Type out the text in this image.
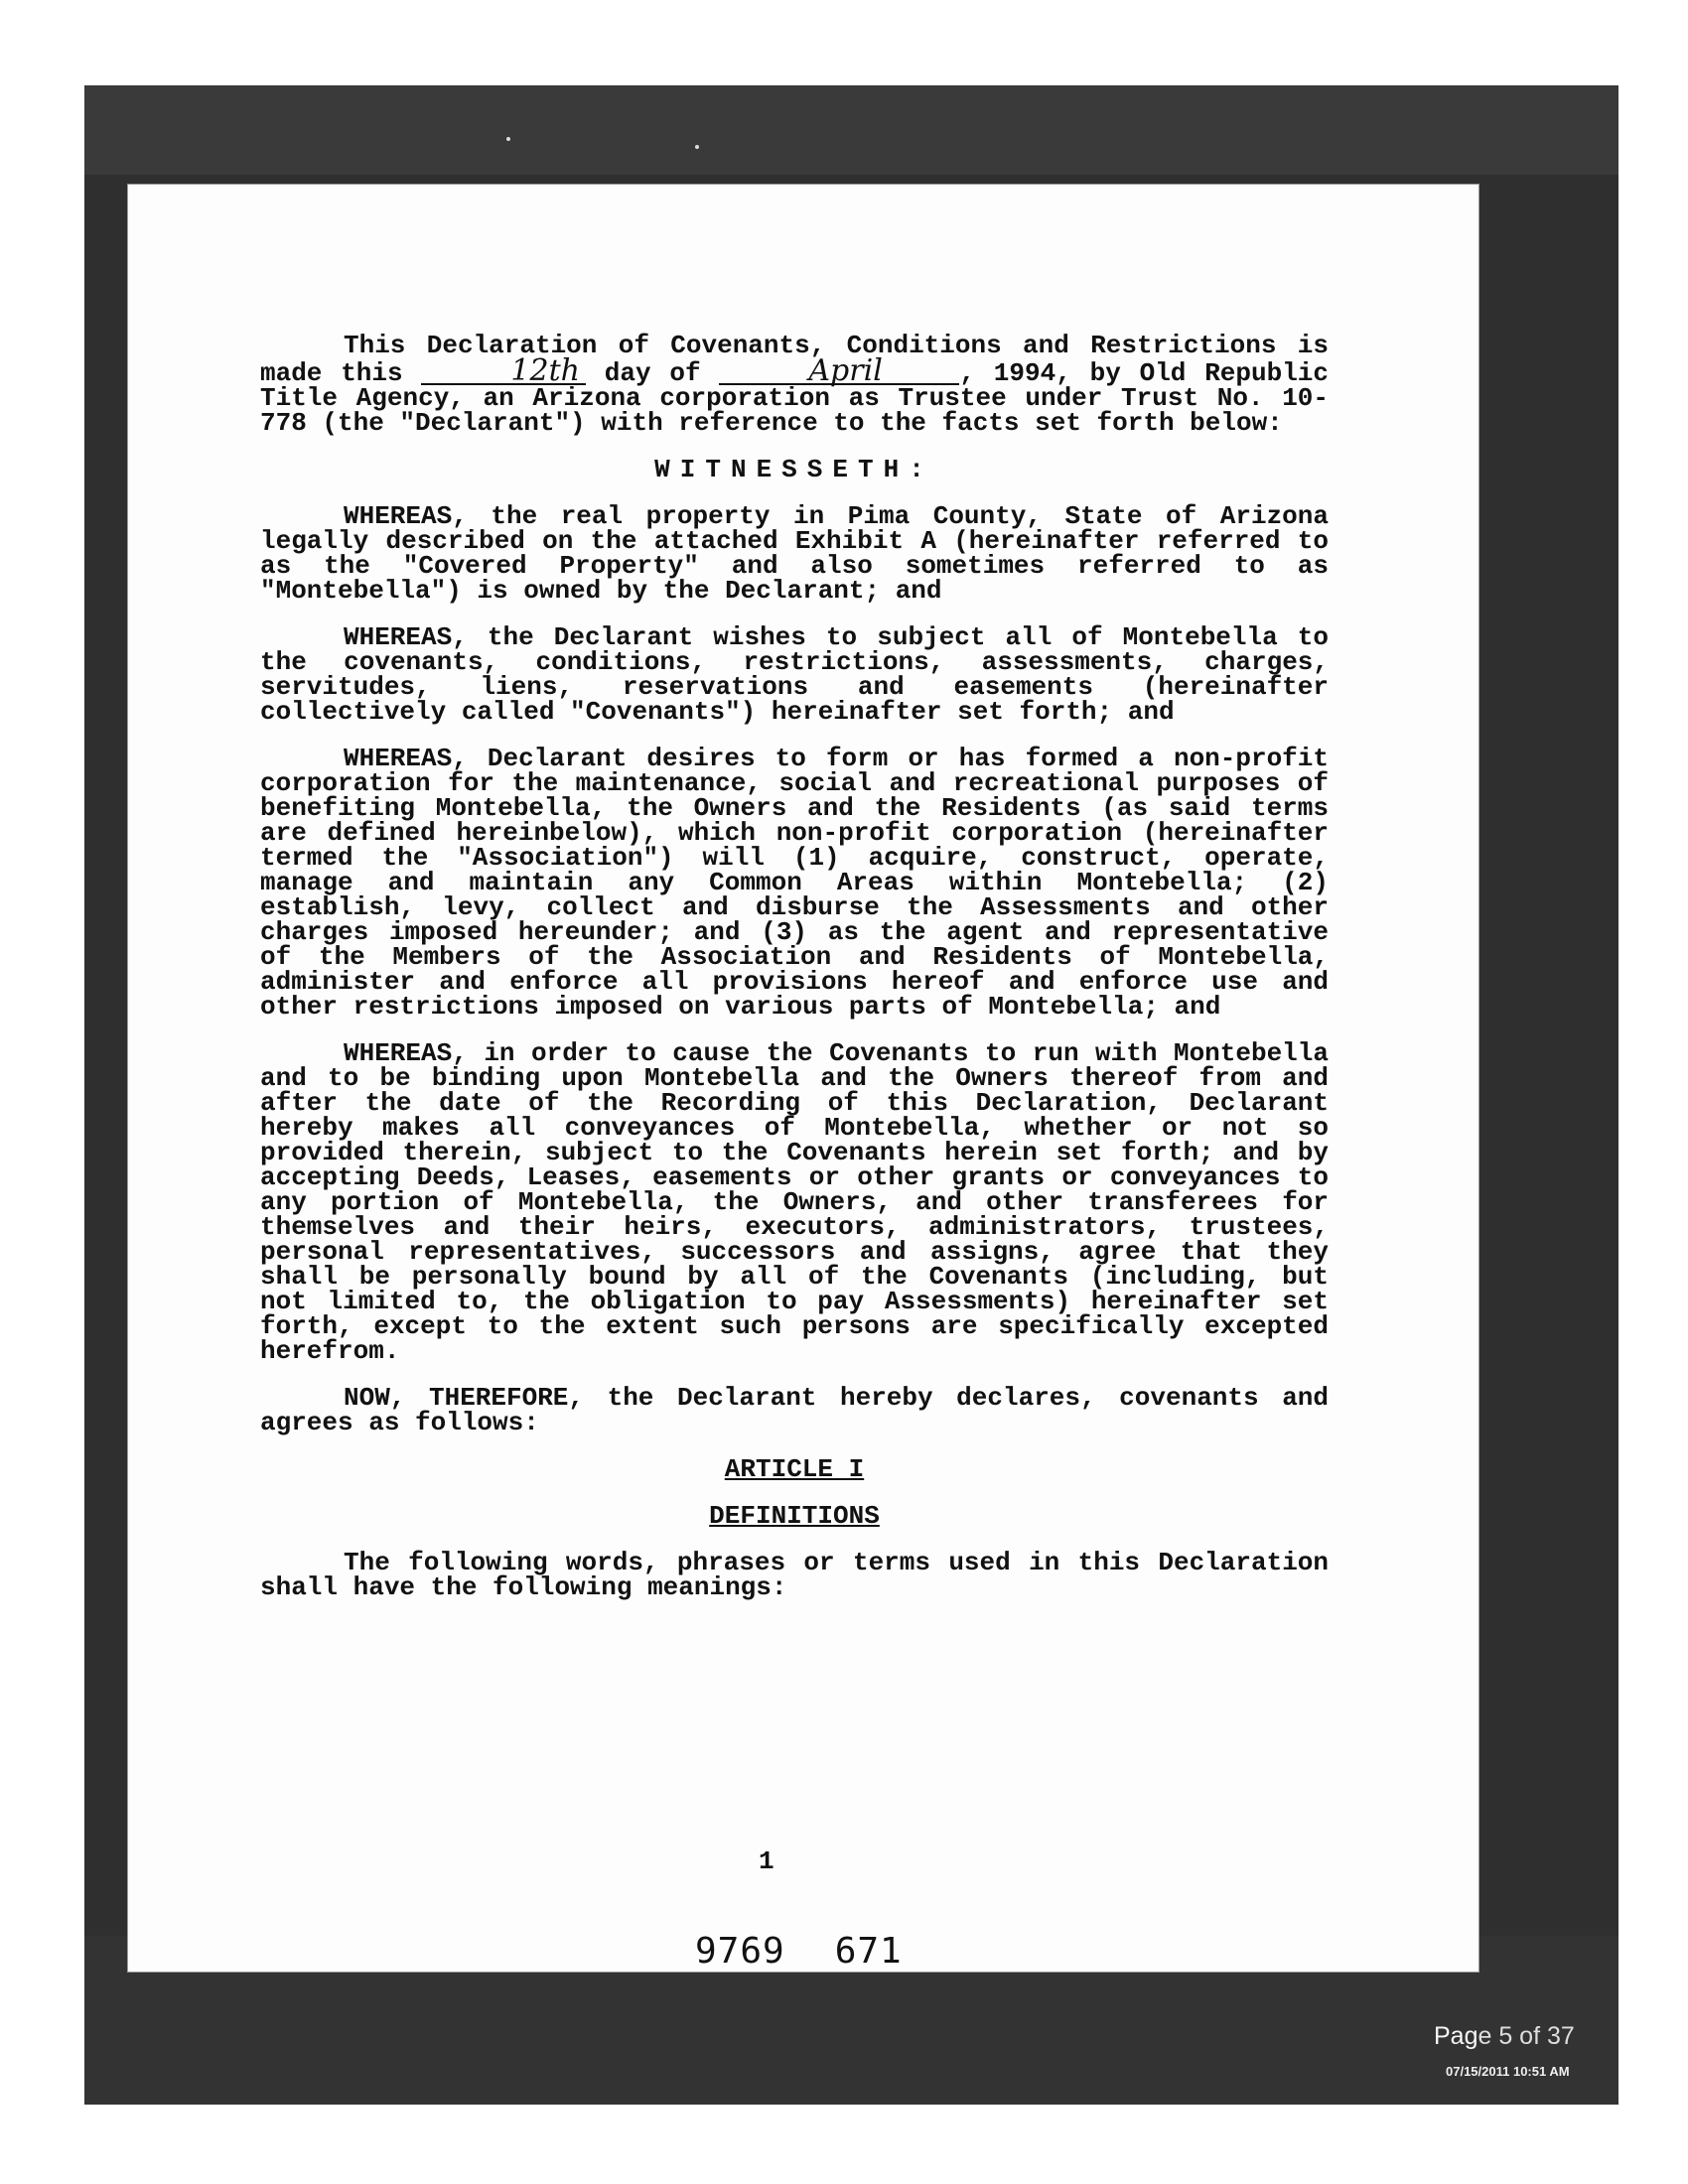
This Declaration of Covenants, Conditions and Restrictions is made this	12th day of	April	, 1994, by Old Republic Title Agency, an Arizona corporation as Trustee under Trust No. 10-778 (the "Declarant") with reference to the facts set forth below:

WITNESSETH:

WHEREAS, the real property in Pima County, State of Arizona legally described on the attached Exhibit A (hereinafter referred to as the "Covered Property" and also sometimes referred to as "Montebella") is owned by the Declarant; and

WHEREAS, the Declarant wishes to subject all of Montebella to the covenants, conditions, restrictions, assessments, charges, servitudes, liens, reservations and easements (hereinafter collectively called "Covenants") hereinafter set forth; and

WHEREAS, Declarant desires to form or has formed a non-profit corporation for the maintenance, social and recreational purposes of benefiting Montebella, the Owners and the Residents (as said terms are defined hereinbelow), which non-profit corporation (hereinafter termed the "Association") will (1) acquire, construct, operate, manage and maintain any Common Areas within Montebella; (2) establish, levy, collect and disburse the Assessments and other charges imposed hereunder; and (3) as the agent and representative of the Members of the Association and Residents of Montebella, administer and enforce all provisions hereof and enforce use and other restrictions imposed on various parts of Montebella; and

WHEREAS, in order to cause the Covenants to run with Montebella and to be binding upon Montebella and the Owners thereof from and after the date of the Recording of this Declaration, Declarant hereby makes all conveyances of Montebella, whether or not so provided therein, subject to the Covenants herein set forth; and by accepting Deeds, Leases, easements or other grants or conveyances to any portion of Montebella, the Owners, and other transferees for themselves and their heirs, executors, administrators, trustees, personal representatives, successors and assigns, agree that they shall be personally bound by all of the Covenants (including, but not limited to, the obligation to pay Assessments) hereinafter set forth, except to the extent such persons are specifically excepted herefrom.

NOW, THEREFORE, the Declarant hereby declares, covenants and agrees as follows:

ARTICLE I

DEFINITIONS

The following words, phrases or terms used in this Declaration shall have the following meanings:

1
9769 671
Page 5 of 37
07/15/2011 10:51 AM
